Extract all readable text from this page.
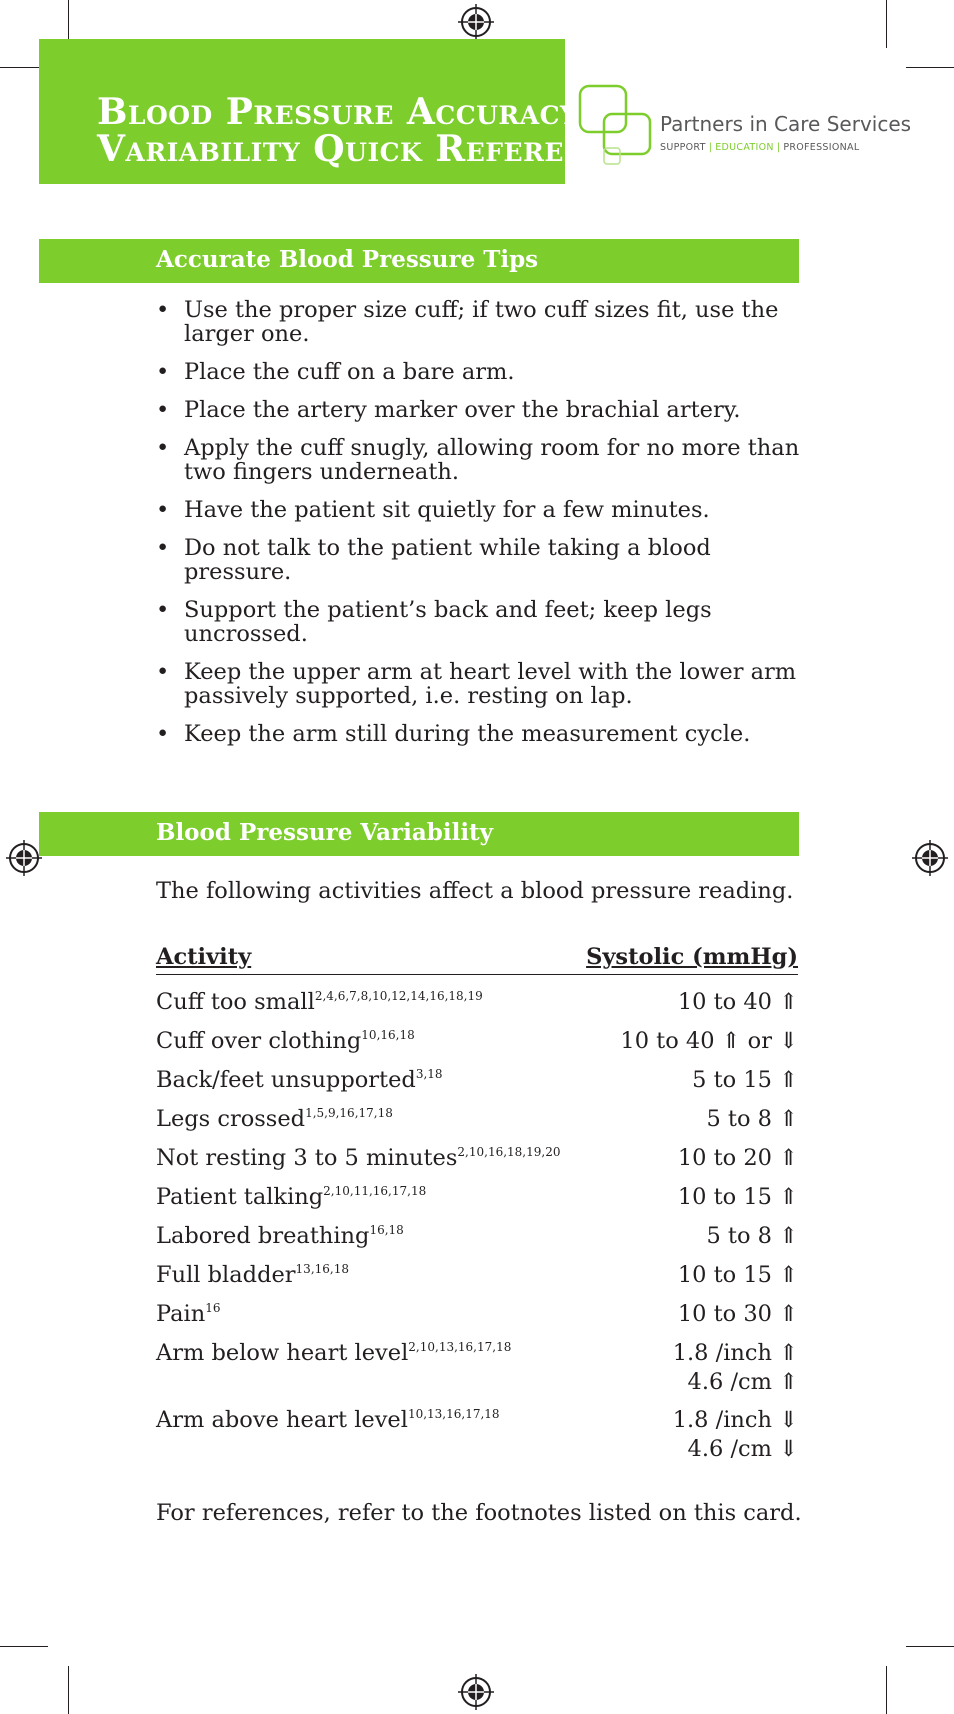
Blood Pressure Accuracy &
Variability Quick Reference
Partners in Care Services
SUPPORT | EDUCATION | PROFESSIONAL
Accurate Blood Pressure Tips
• Use the proper size cuff; if two cuff sizes fit, use the larger one.
• Place the cuff on a bare arm.
• Place the artery marker over the brachial artery.
• Apply the cuff snugly, allowing room for no more than two fingers underneath.
• Have the patient sit quietly for a few minutes.
• Do not talk to the patient while taking a blood pressure.
• Support the patient’s back and feet; keep legs uncrossed.
• Keep the upper arm at heart level with the lower arm passively supported, i.e. resting on lap.
• Keep the arm still during the measurement cycle.
Blood Pressure Variability
The following activities affect a blood pressure reading.
Activity	Systolic (mmHg)
Cuff too small$^{2,4,6,7,8,10,12,14,16,18,19}$	10 to 40 ⇑
Cuff over clothing$^{10,16,18}$	10 to 40 ⇑ or ⇓
Back/feet unsupported$^{3,18}$	5 to 15 ⇑
Legs crossed$^{1,5,9,16,17,18}$	5 to 8 ⇑
Not resting 3 to 5 minutes$^{2,10,16,18,19,20}$	10 to 20 ⇑
Patient talking$^{2,10,11,16,17,18}$	10 to 15 ⇑
Labored breathing$^{16,18}$	5 to 8 ⇑
Full bladder$^{13,16,18}$	10 to 15 ⇑
Pain$^{16}$	10 to 30 ⇑
Arm below heart level$^{2,10,13,16,17,18}$	1.8 /inch ⇑
4.6 /cm ⇑
Arm above heart level$^{10,13,16,17,18}$	1.8 /inch ⇓
4.6 /cm ⇓
For references, refer to the footnotes listed on this card.
